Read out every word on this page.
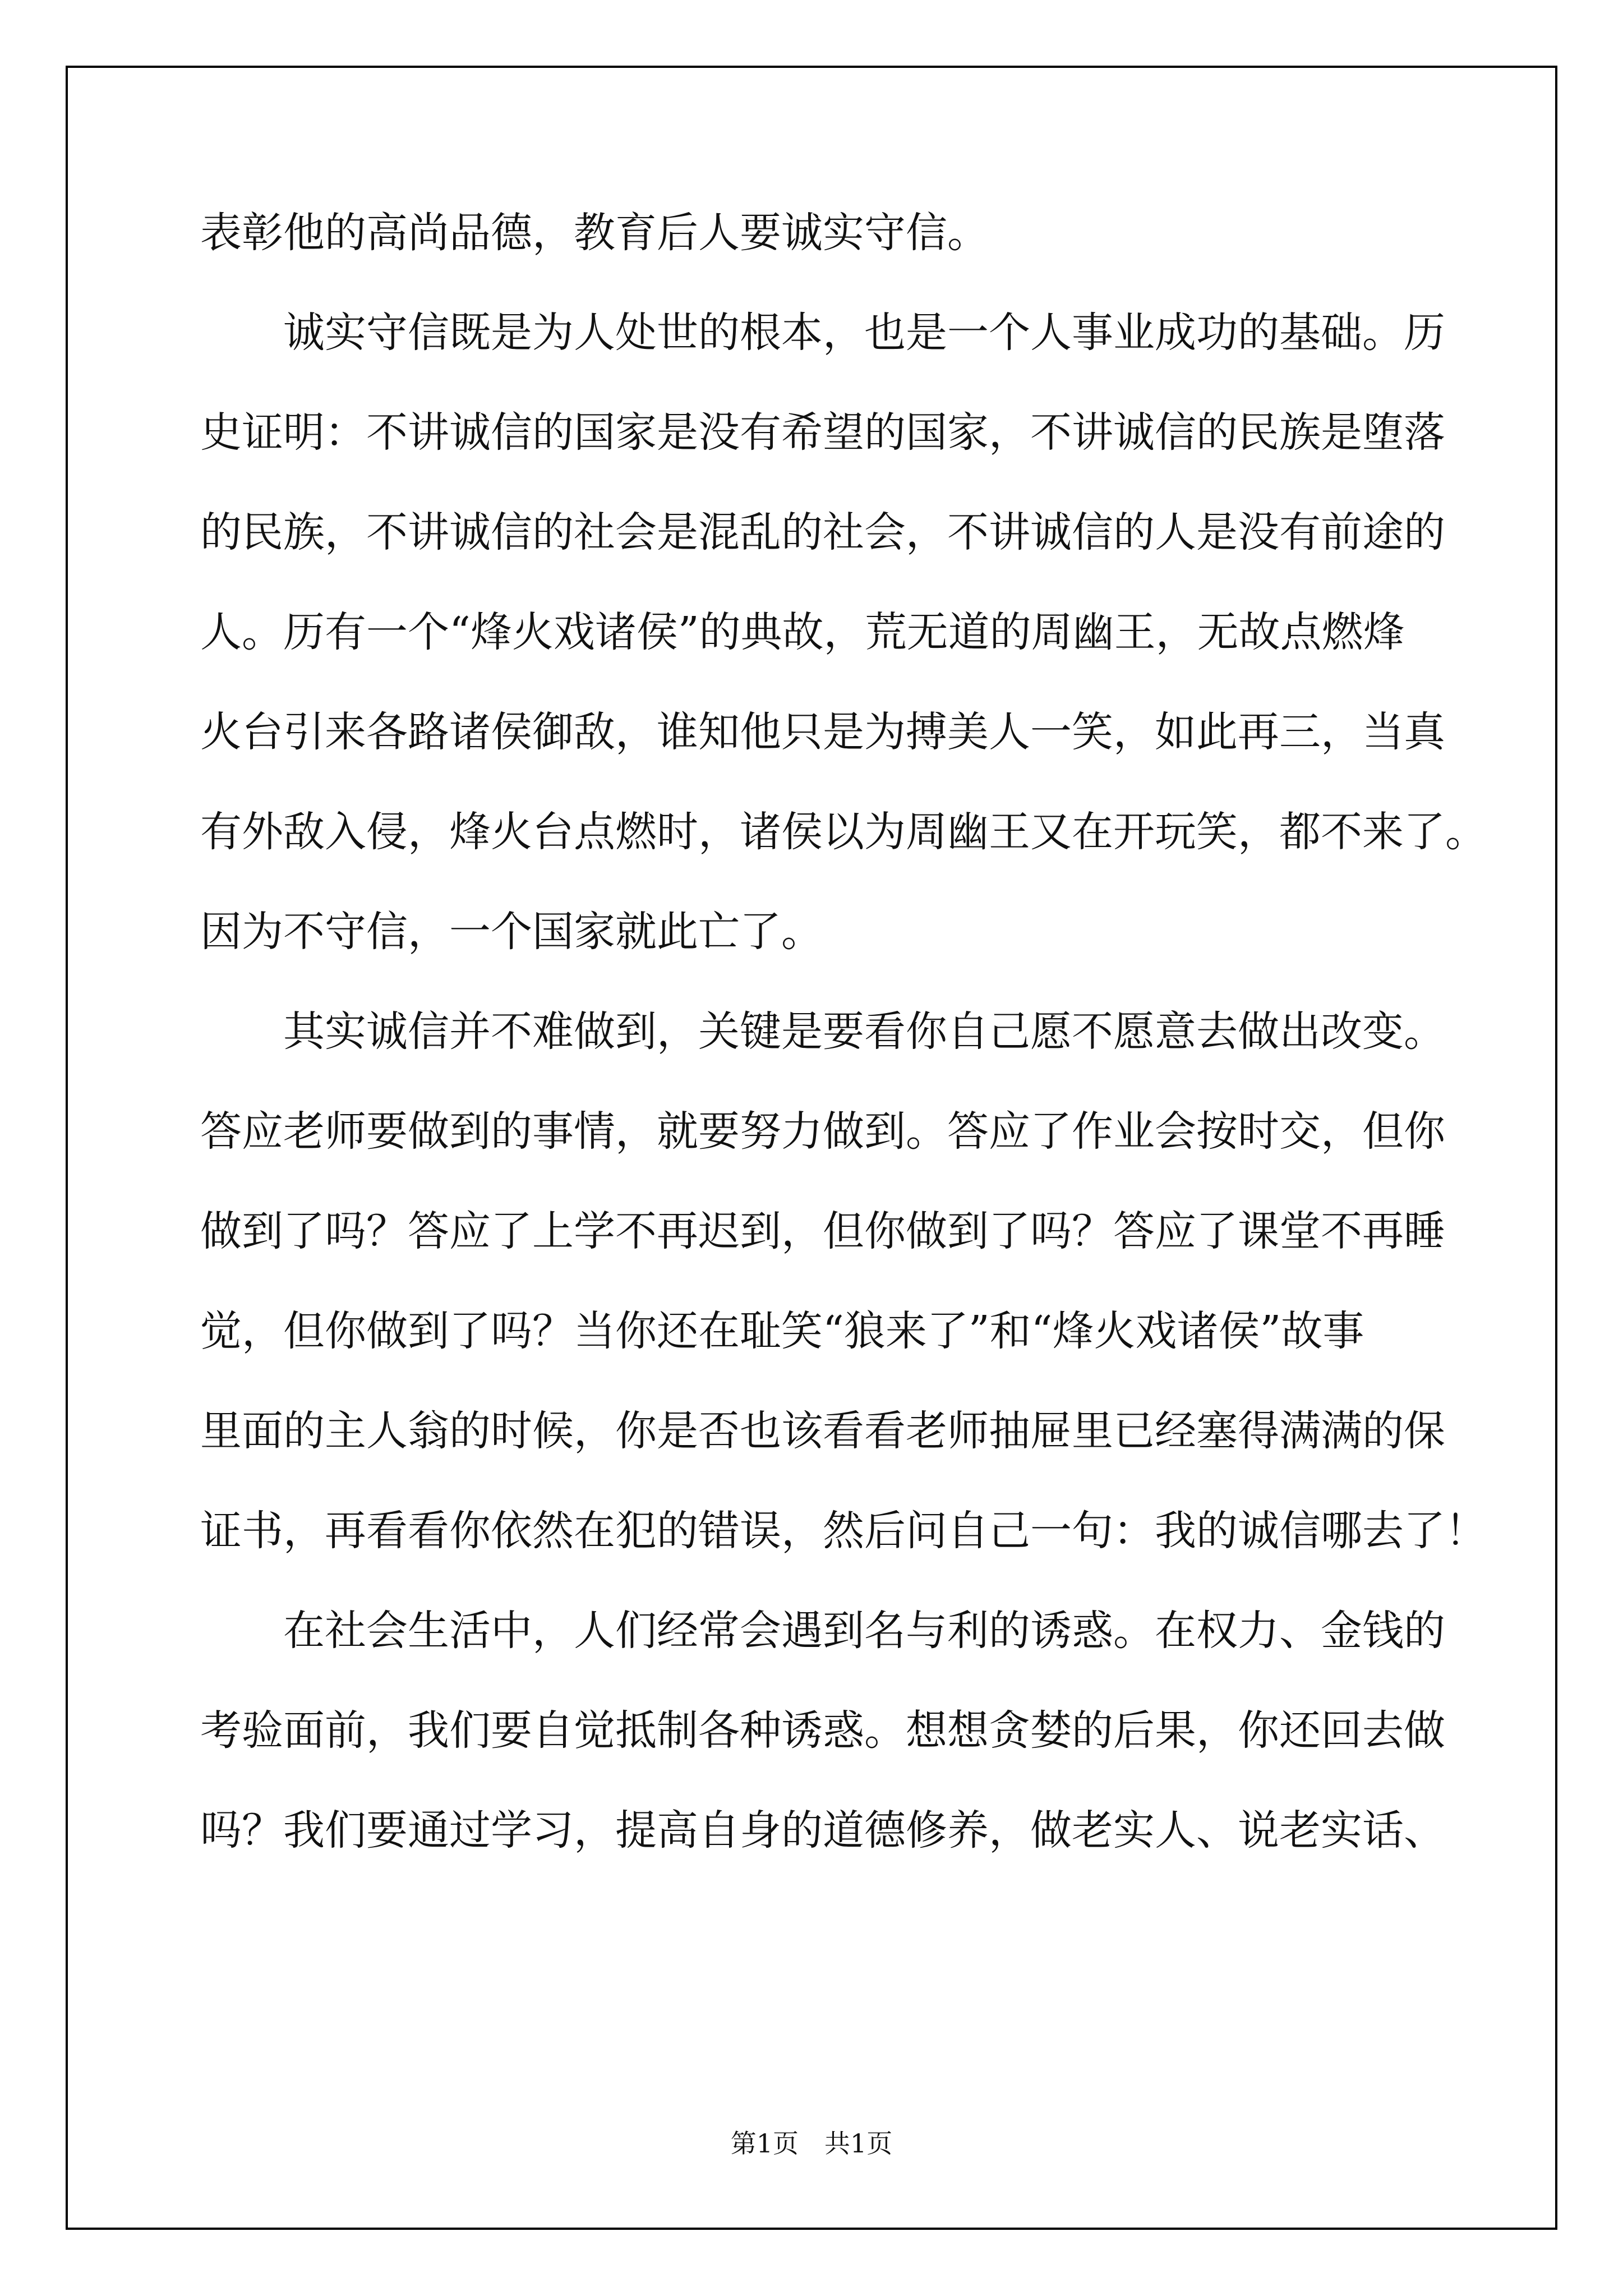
表彰他的高尚品德，教育后人要诚实守信。
　　诚实守信既是为人处世的根本，也是一个人事业成功的基础。历
史证明：不讲诚信的国家是没有希望的国家，不讲诚信的民族是堕落
的民族，不讲诚信的社会是混乱的社会，不讲诚信的人是没有前途的
人。历有一个“烽火戏诸侯”的典故，荒无道的周幽王，无故点燃烽
火台引来各路诸侯御敌，谁知他只是为搏美人一笑，如此再三，当真
有外敌入侵，烽火台点燃时，诸侯以为周幽王又在开玩笑，都不来了。
因为不守信，一个国家就此亡了。
　　其实诚信并不难做到，关键是要看你自己愿不愿意去做出改变。
答应老师要做到的事情，就要努力做到。答应了作业会按时交，但你
做到了吗？答应了上学不再迟到，但你做到了吗？答应了课堂不再睡
觉，但你做到了吗？当你还在耻笑“狼来了”和“烽火戏诸侯”故事
里面的主人翁的时候，你是否也该看看老师抽屉里已经塞得满满的保
证书，再看看你依然在犯的错误，然后问自己一句：我的诚信哪去了！
　　在社会生活中，人们经常会遇到名与利的诱惑。在权力、金钱的
考验面前，我们要自觉抵制各种诱惑。想想贪婪的后果，你还回去做
吗？我们要通过学习，提高自身的道德修养，做老实人、说老实话、
第1页　共1页
